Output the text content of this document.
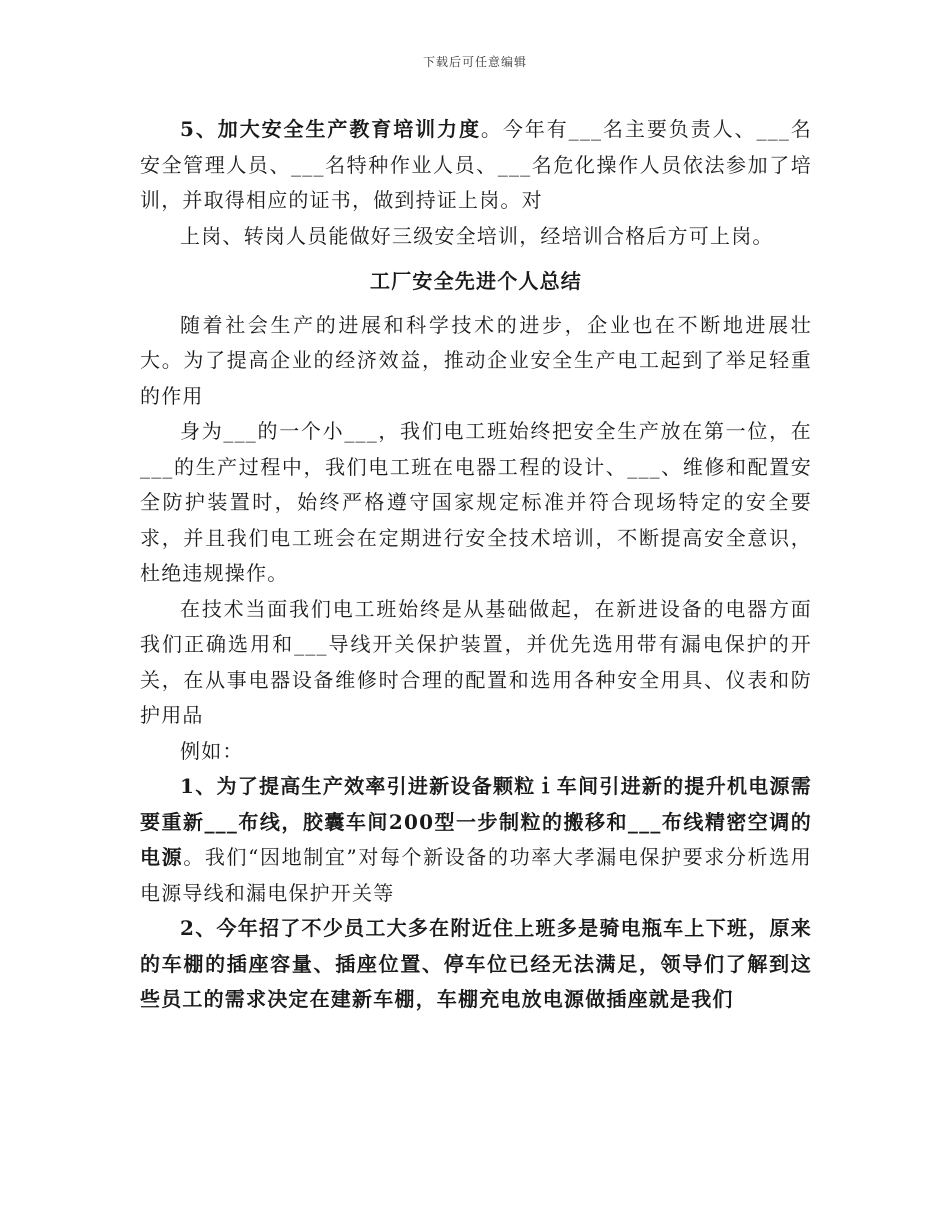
下载后可任意编辑

5、加大安全生产教育培训力度。今年有___名主要负责人、___名安全管理人员、___名特种作业人员、___名危化操作人员依法参加了培训，并取得相应的证书，做到持证上岗。对

上岗、转岗人员能做好三级安全培训，经培训合格后方可上岗。

工厂安全先进个人总结

随着社会生产的进展和科学技术的进步，企业也在不断地进展壮大。为了提高企业的经济效益，推动企业安全生产电工起到了举足轻重的作用

身为___的一个小___，我们电工班始终把安全生产放在第一位，在___的生产过程中，我们电工班在电器工程的设计、___、维修和配置安全防护装置时，始终严格遵守国家规定标准并符合现场特定的安全要求，并且我们电工班会在定期进行安全技术培训，不断提高安全意识，杜绝违规操作。

在技术当面我们电工班始终是从基础做起，在新进设备的电器方面我们正确选用和___导线开关保护装置，并优先选用带有漏电保护的开关，在从事电器设备维修时合理的配置和选用各种安全用具、仪表和防护用品

例如：

1、为了提高生产效率引进新设备颗粒ｉ车间引进新的提升机电源需要重新___布线，胶囊车间200型一步制粒的搬移和___布线精密空调的电源。我们“因地制宜”对每个新设备的功率大孝漏电保护要求分析选用电源导线和漏电保护开关等

2、今年招了不少员工大多在附近住上班多是骑电瓶车上下班，原来的车棚的插座容量、插座位置、停车位已经无法满足，领导们了解到这些员工的需求决定在建新车棚，车棚充电放电源做插座就是我们
